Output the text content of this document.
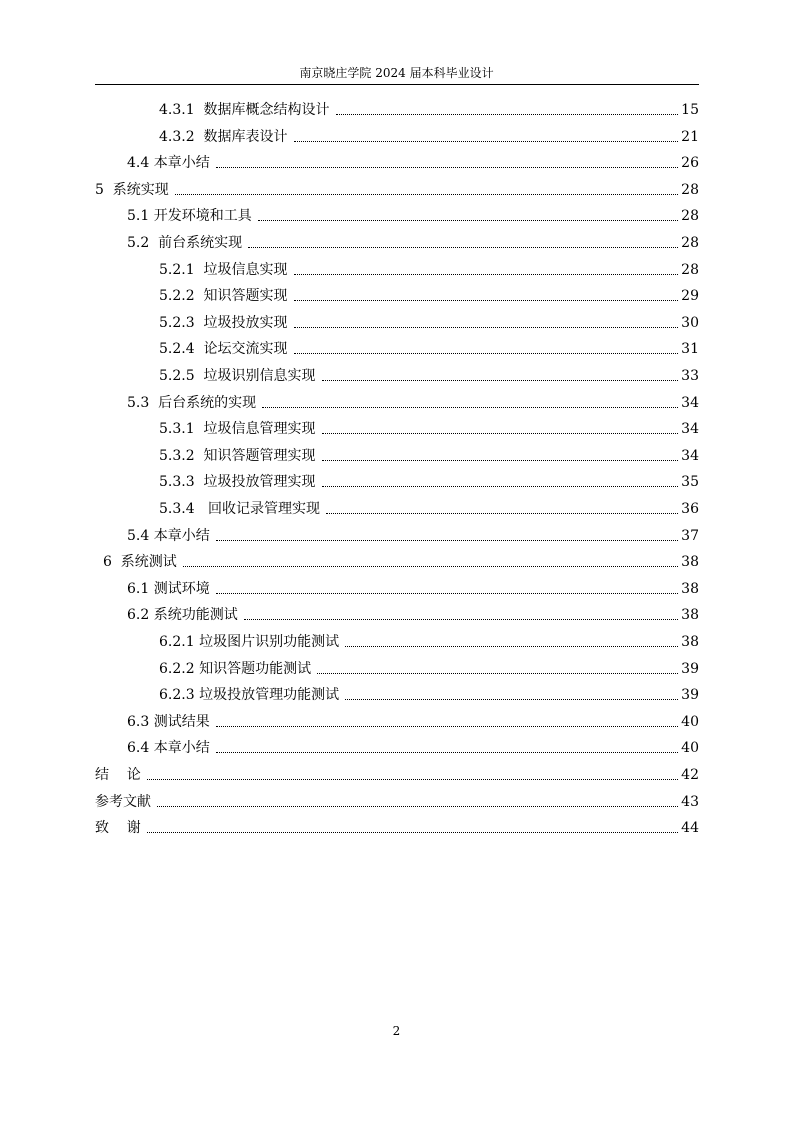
南京晓庄学院 2024 届本科毕业设计
4.3.1  数据库概念结构设计	15
4.3.2  数据库表设计	21
4.4 本章小结	26
5  系统实现	28
5.1 开发环境和工具	28
5.2  前台系统实现	28
5.2.1  垃圾信息实现	28
5.2.2  知识答题实现	29
5.2.3  垃圾投放实现	30
5.2.4  论坛交流实现	31
5.2.5  垃圾识别信息实现	33
5.3  后台系统的实现	34
5.3.1  垃圾信息管理实现	34
5.3.2  知识答题管理实现	34
5.3.3  垃圾投放管理实现	35
5.3.4   回收记录管理实现	36
5.4 本章小结	37
6  系统测试	38
6.1 测试环境	38
6.2 系统功能测试	38
6.2.1 垃圾图片识别功能测试	38
6.2.2 知识答题功能测试	39
6.2.3 垃圾投放管理功能测试	39
6.3 测试结果	40
6.4 本章小结	40
结    论	42
参考文献	43
致    谢	44
2
